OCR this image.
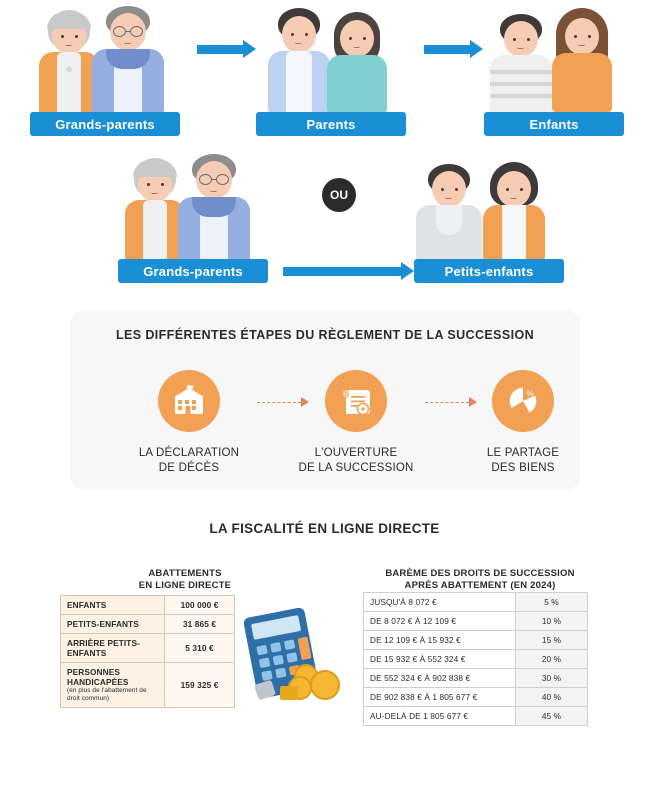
Grands-parents	Parents	Enfants
Grands-parents
OU
Petits-enfants
LES DIFFÉRENTES ÉTAPES DU RÈGLEMENT DE LA SUCCESSION
LA DÉCLARATION
DE DÉCÈS
L'OUVERTURE
DE LA SUCCESSION
%
LE PARTAGE
DES BIENS
LA FISCALITÉ EN LIGNE DIRECTE
ABATTEMENTS
EN LIGNE DIRECTE
ENFANTS	100 000 €
PETITS-ENFANTS	31 865 €
ARRIÈRE PETITS-ENFANTS	5 310 €
PERSONNES HANDICAPÉES
(en plus de l'abattement de droit commun)	159 325 €
BARÈME DES DROITS DE SUCCESSION
APRÈS ABATTEMENT (EN 2024)
JUSQU'À 8 072 €	5 %
DE 8 072 € À 12 109 €	10 %
DE 12 109 € À 15 932 €	15 %
DE 15 932 € À 552 324 €	20 %
DE 552 324 € À 902 838 €	30 %
DE 902 838 € À 1 805 677 €	40 %
AU-DELÀ DE 1 805 677 €	45 %
